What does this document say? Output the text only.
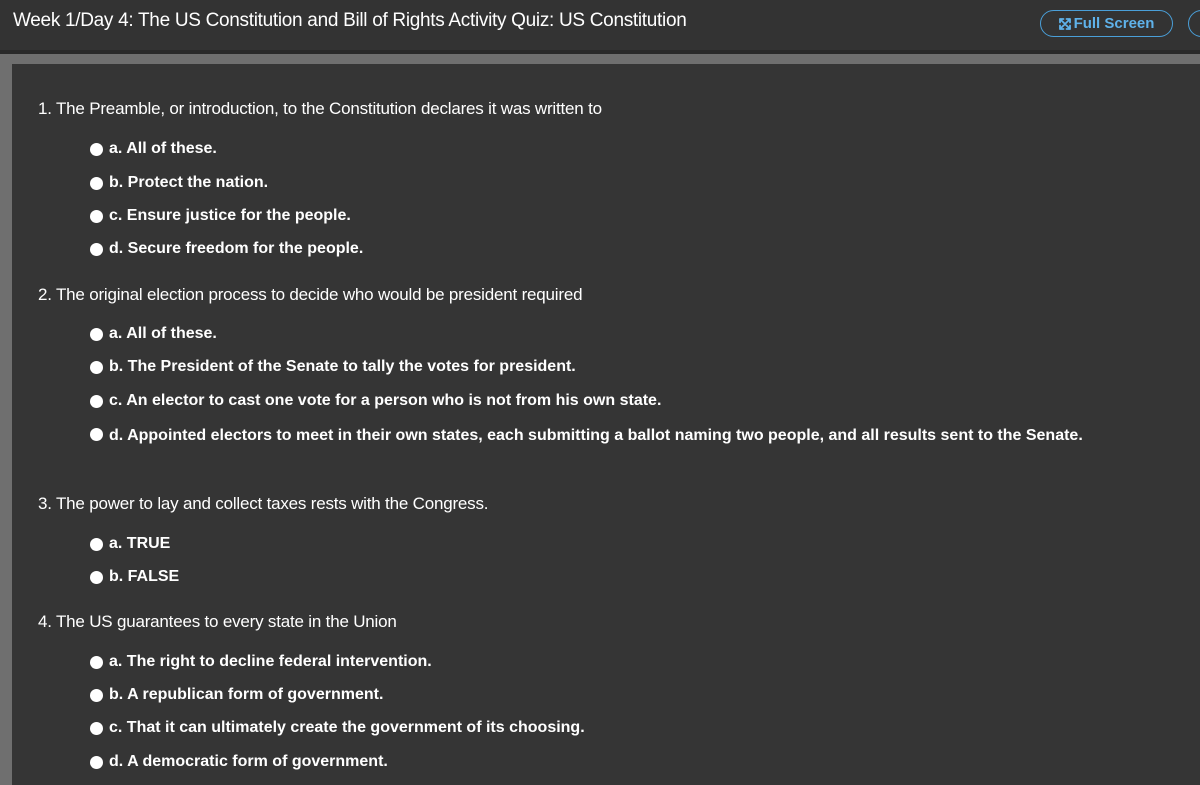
Week 1/Day 4: The US Constitution and Bill of Rights Activity Quiz: US Constitution	Full Screen
1. The Preamble, or introduction, to the Constitution declares it was written to
a. All of these.
b. Protect the nation.
c. Ensure justice for the people.
d. Secure freedom for the people.
2. The original election process to decide who would be president required
a. All of these.
b. The President of the Senate to tally the votes for president.
c. An elector to cast one vote for a person who is not from his own state.
d. Appointed electors to meet in their own states, each submitting a ballot naming two people, and all results sent to the Senate.
3. The power to lay and collect taxes rests with the Congress.
a. TRUE
b. FALSE
4. The US guarantees to every state in the Union
a. The right to decline federal intervention.
b. A republican form of government.
c. That it can ultimately create the government of its choosing.
d. A democratic form of government.
